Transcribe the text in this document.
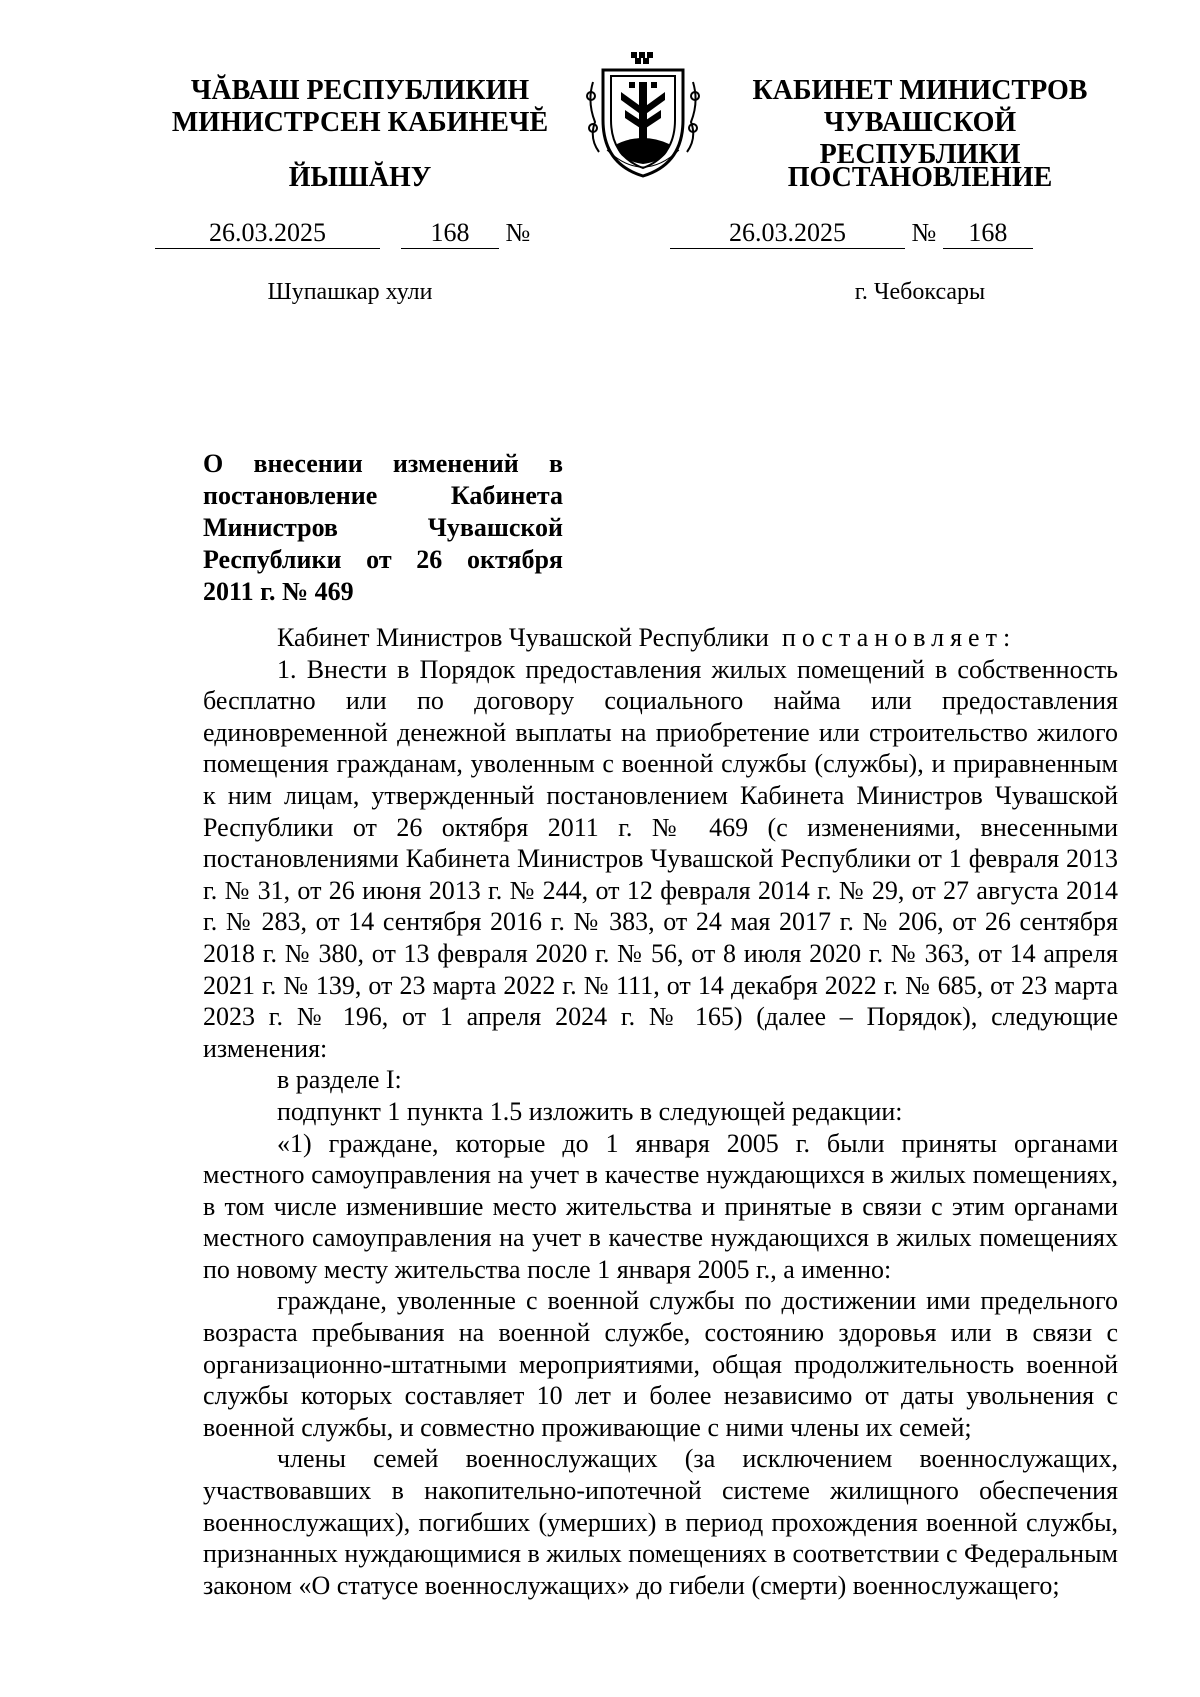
ЧĂВАШ РЕСПУБЛИКИН
МИНИСТРСЕН КАБИНЕЧĔ
КАБИНЕТ МИНИСТРОВ
ЧУВАШСКОЙ РЕСПУБЛИКИ
ЙЫШĂНУ	ПОСТАНОВЛЕНИЕ
26.03.2025	168 №	26.03.2025	№ 168
Шупашкар хули	г. Чебоксары
О внесении изменений в постановление Кабинета Министров Чувашской Республики от 26 октября 2011 г. № 469

Кабинет Министров Чувашской Республики постановляет:

1. Внести в Порядок предоставления жилых помещений в собственность бесплатно или по договору социального найма или предоставления единовременной денежной выплаты на приобретение или строительство жилого помещения гражданам, уволенным с военной службы (службы), и приравненным к ним лицам, утвержденный постановлением Кабинета Министров Чувашской Республики от 26 октября 2011 г. № 469 (с изменениями, внесенными постановлениями Кабинета Министров Чувашской Республики от 1 февраля 2013 г. № 31, от 26 июня 2013 г. № 244, от 12 февраля 2014 г. № 29, от 27 августа 2014 г. № 283, от 14 сентября 2016 г. № 383, от 24 мая 2017 г. № 206, от 26 сентября 2018 г. № 380, от 13 февраля 2020 г. № 56, от 8 июля 2020 г. № 363, от 14 апреля 2021 г. № 139, от 23 марта 2022 г. № 111, от 14 декабря 2022 г. № 685, от 23 марта 2023 г. № 196, от 1 апреля 2024 г. № 165) (далее – Порядок), следующие изменения:

в разделе I:

подпункт 1 пункта 1.5 изложить в следующей редакции:

«1) граждане, которые до 1 января 2005 г. были приняты органами местного самоуправления на учет в качестве нуждающихся в жилых помещениях, в том числе изменившие место жительства и принятые в связи с этим органами местного самоуправления на учет в качестве нуждающихся в жилых помещениях по новому месту жительства после 1 января 2005 г., а именно:

граждане, уволенные с военной службы по достижении ими предельного возраста пребывания на военной службе, состоянию здоровья или в связи с организационно-штатными мероприятиями, общая продолжительность военной службы которых составляет 10 лет и более независимо от даты увольнения с военной службы, и совместно проживающие с ними члены их семей;

члены семей военнослужащих (за исключением военнослужащих, участвовавших в накопительно-ипотечной системе жилищного обеспечения военнослужащих), погибших (умерших) в период прохождения военной службы, признанных нуждающимися в жилых помещениях в соответствии с Федеральным законом «О статусе военнослужащих» до гибели (смерти) военнослужащего;
